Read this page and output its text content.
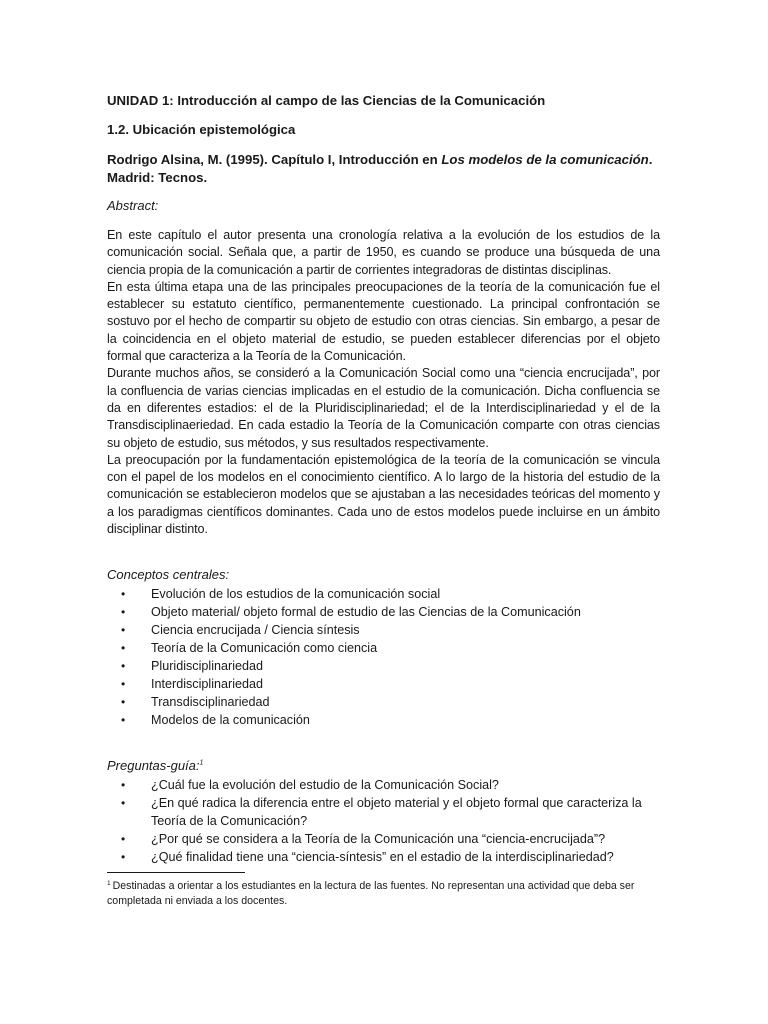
UNIDAD 1: Introducción al campo de las Ciencias de la Comunicación

1.2. Ubicación epistemológica

Rodrigo Alsina, M. (1995). Capítulo I, Introducción en Los modelos de la comunicación. Madrid: Tecnos.

Abstract:

En este capítulo el autor presenta una cronología relativa a la evolución de los estudios de la comunicación social. Señala que, a partir de 1950, es cuando se produce una búsqueda de una ciencia propia de la comunicación a partir de corrientes integradoras de distintas disciplinas.

En esta última etapa una de las principales preocupaciones de la teoría de la comunicación fue el establecer su estatuto científico, permanentemente cuestionado. La principal confrontación se sostuvo por el hecho de compartir su objeto de estudio con otras ciencias. Sin embargo, a pesar de la coincidencia en el objeto material de estudio, se pueden establecer diferencias por el objeto formal que caracteriza a la Teoría de la Comunicación.

Durante muchos años, se consideró a la Comunicación Social como una “ciencia encrucijada”, por la confluencia de varias ciencias implicadas en el estudio de la comunicación. Dicha confluencia se da en diferentes estadios: el de la Pluridisciplinariedad; el de la Interdisciplinariedad y el de la Transdisciplinaeriedad. En cada estadio la Teoría de la Comunicación comparte con otras ciencias su objeto de estudio, sus métodos, y sus resultados respectivamente.

La preocupación por la fundamentación epistemológica de la teoría de la comunicación se vincula con el papel de los modelos en el conocimiento científico. A lo largo de la historia del estudio de la comunicación se establecieron modelos que se ajustaban a las necesidades teóricas del momento y a los paradigmas científicos dominantes. Cada uno de estos modelos puede incluirse en un ámbito disciplinar distinto.

Conceptos centrales:

• Evolución de los estudios de la comunicación social
• Objeto material/ objeto formal de estudio de las Ciencias de la Comunicación
• Ciencia encrucijada / Ciencia síntesis
• Teoría de la Comunicación como ciencia
• Pluridisciplinariedad
• Interdisciplinariedad
• Transdisciplinariedad
• Modelos de la comunicación

Preguntas-guía:$^1$

• ¿Cuál fue la evolución del estudio de la Comunicación Social?
• ¿En qué radica la diferencia entre el objeto material y el objeto formal que caracteriza la Teoría de la Comunicación?
• ¿Por qué se considera a la Teoría de la Comunicación una “ciencia-encrucijada”?
• ¿Qué finalidad tiene una “ciencia-síntesis” en el estadio de la interdisciplinariedad?

$^1$ Destinadas a orientar a los estudiantes en la lectura de las fuentes. No representan una actividad que deba ser completada ni enviada a los docentes.
